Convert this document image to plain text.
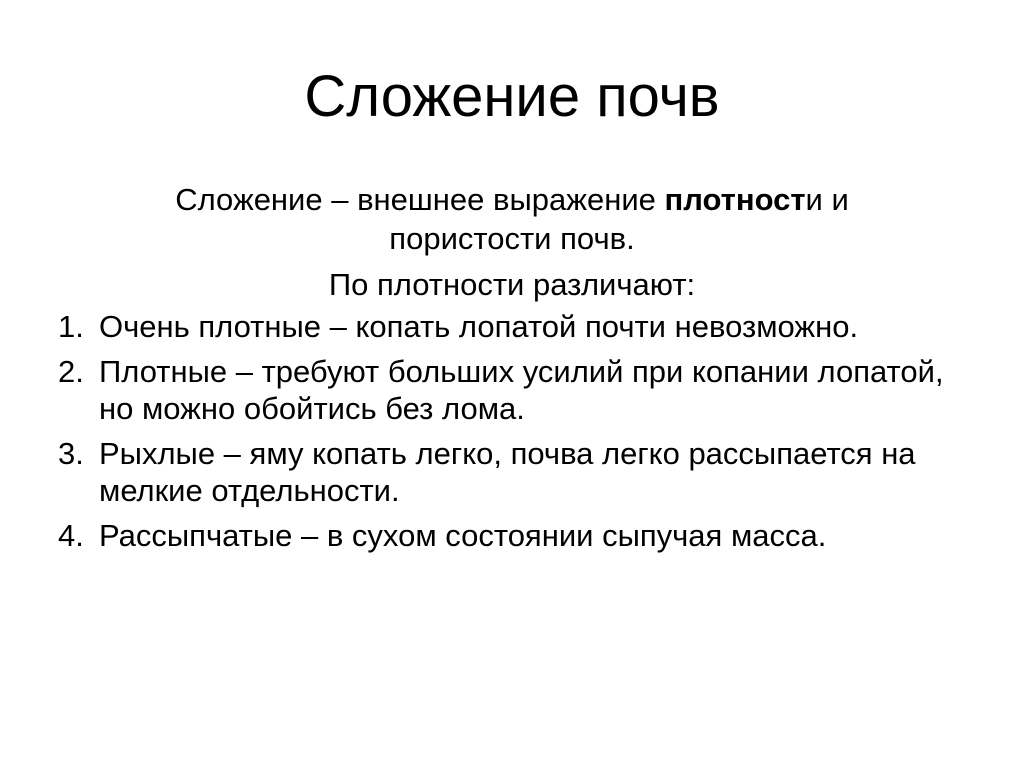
Сложение почв

Сложение – внешнее выражение плотности и пористости почв.

По плотности различают:

1. Очень плотные – копать лопатой почти невозможно.
2. Плотные – требуют больших усилий при копании лопатой, но можно обойтись без лома.
3. Рыхлые – яму копать легко, почва легко рассыпается на мелкие отдельности.
4. Рассыпчатые – в сухом состоянии сыпучая масса.
